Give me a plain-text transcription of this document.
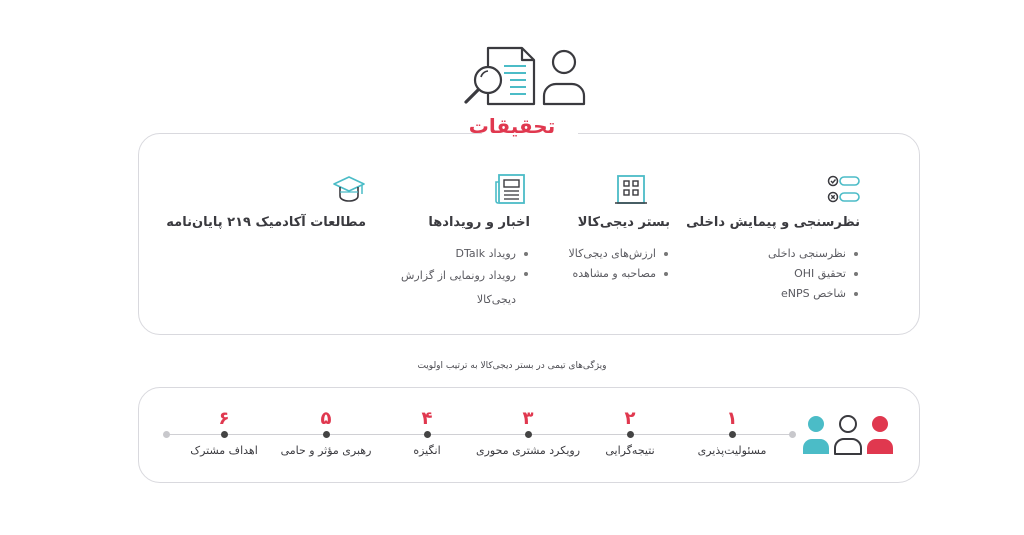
تحقیقات
نظرسنجی و پیمایش داخلی
نظرسنجی داخلی
تحقیق OHI
شاخص eNPS
بستر دیجی‌کالا
ارزش‌های دیجی‌کالا
مصاحبه و مشاهده
اخبار و رویدادها
رویداد DTalk
رویداد رونمایی از گزارش
دیجی‌کالا
مطالعات آکادمیک ۲۱۹ پایان‌نامه
ویژگی‌های تیمی در بستر دیجی‌کالا به ترتیب اولویت
۱
مسئولیت‌پذیری
۲
نتیجه‌گرایی
۳
رویکرد مشتری محوری
۴
انگیزه
۵
رهبری مؤثر و حامی
۶
اهداف مشترک
